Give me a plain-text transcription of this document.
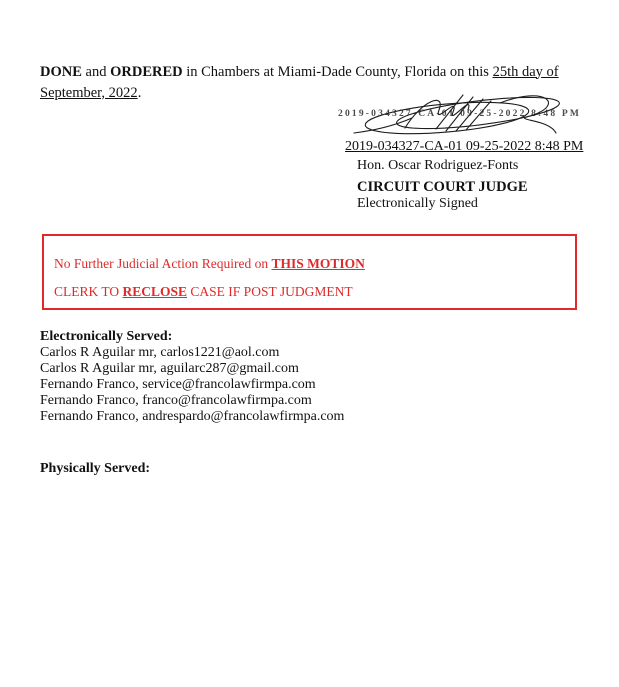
DONE and ORDERED in Chambers at Miami-Dade County, Florida on this 25th day of
September, 2022.

2019-034327-CA-01 09-25-2022 8:48 PM
2019-034327-CA-01 09-25-2022 8:48 PM
Hon. Oscar Rodriguez-Fonts
CIRCUIT COURT JUDGE
Electronically Signed
No Further Judicial Action Required on THIS MOTION
CLERK TO RECLOSE CASE IF POST JUDGMENT
Electronically Served:
Carlos R Aguilar mr, carlos1221@aol.com
Carlos R Aguilar mr, aguilarc287@gmail.com
Fernando Franco, service@francolawfirmpa.com
Fernando Franco, franco@francolawfirmpa.com
Fernando Franco, andrespardo@francolawfirmpa.com
Physically Served:
